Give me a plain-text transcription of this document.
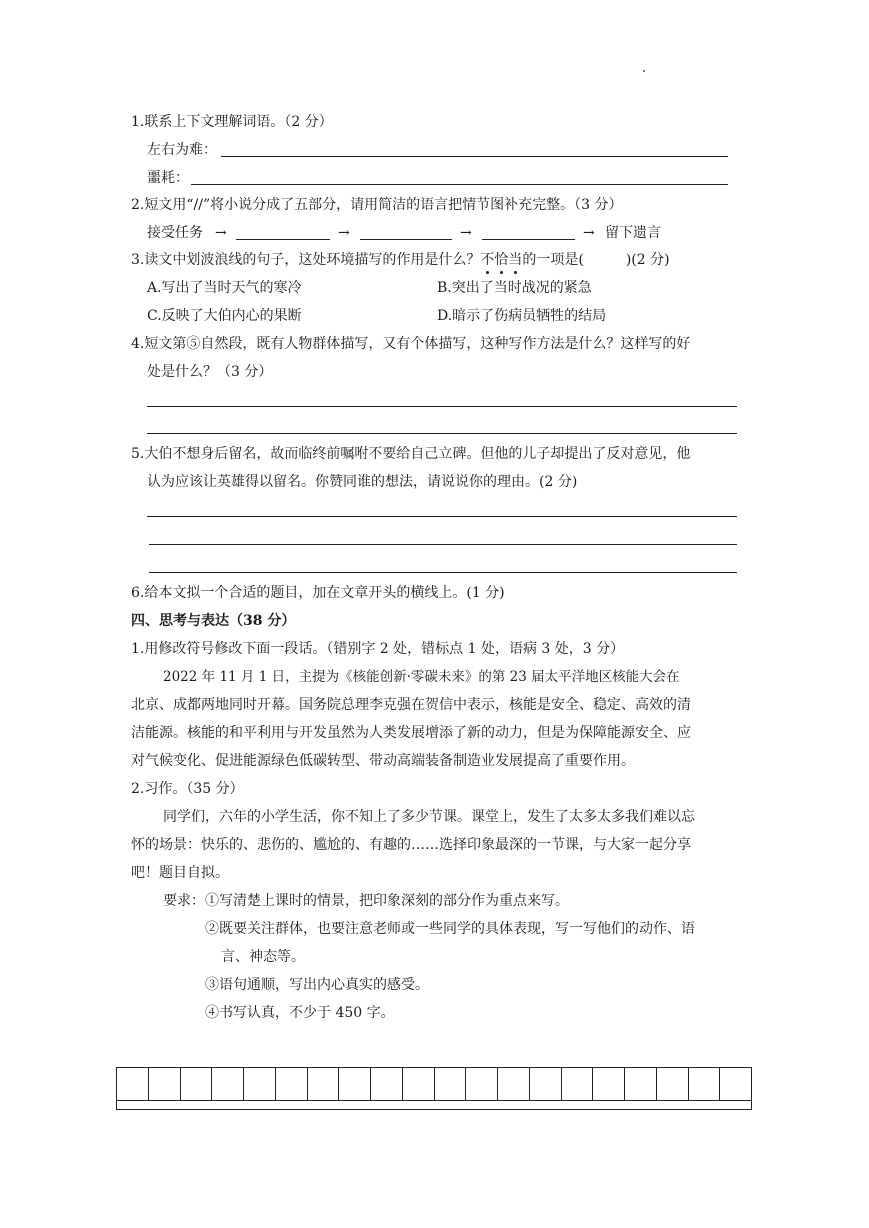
1.联系上下文理解词语。（2 分）
左右为难：
噩耗：
2.短文用“//”将小说分成了五部分，请用简洁的语言把情节图补充完整。（3 分）
接受任务 →	→	→	→ 留下遗言
3.读文中划波浪线的句子，这处环境描写的作用是什么？不恰当的一项是(　　　)(2 分)
A.写出了当时天气的寒冷	B.突出了当时战况的紧急
C.反映了大伯内心的果断	D.暗示了伤病员牺牲的结局
4.短文第⑤自然段，既有人物群体描写，又有个体描写，这种写作方法是什么？这样写的好
处是什么？（3 分）
5.大伯不想身后留名，故而临终前嘱咐不要给自己立碑。但他的儿子却提出了反对意见，他
认为应该让英雄得以留名。你赞同谁的想法，请说说你的理由。(2 分)
6.给本文拟一个合适的题目，加在文章开头的横线上。(1 分)
四、思考与表达（38 分）
1.用修改符号修改下面一段话。（错别字 2 处，错标点 1 处，语病 3 处，3 分）
2022 年 11 月 1 日，主提为《核能创新·零碳未来》的第 23 届太平洋地区核能大会在
北京、成都两地同时开幕。国务院总理李克强在贺信中表示，核能是安全、稳定、高效的清
洁能源。核能的和平利用与开发虽然为人类发展增添了新的动力，但是为保障能源安全、应
对气候变化、促进能源绿色低碳转型、带动高端装备制造业发展提高了重要作用。
2.习作。（35 分）
同学们，六年的小学生活，你不知上了多少节课。课堂上，发生了太多太多我们难以忘
怀的场景：快乐的、悲伤的、尴尬的、有趣的……选择印象最深的一节课，与大家一起分享
吧！题目自拟。
要求： ①写清楚上课时的情景，把印象深刻的部分作为重点来写。
②既要关注群体，也要注意老师或一些同学的具体表现，写一写他们的动作、语
言、神态等。
③语句通顺，写出内心真实的感受。
④书写认真，不少于 450 字。
